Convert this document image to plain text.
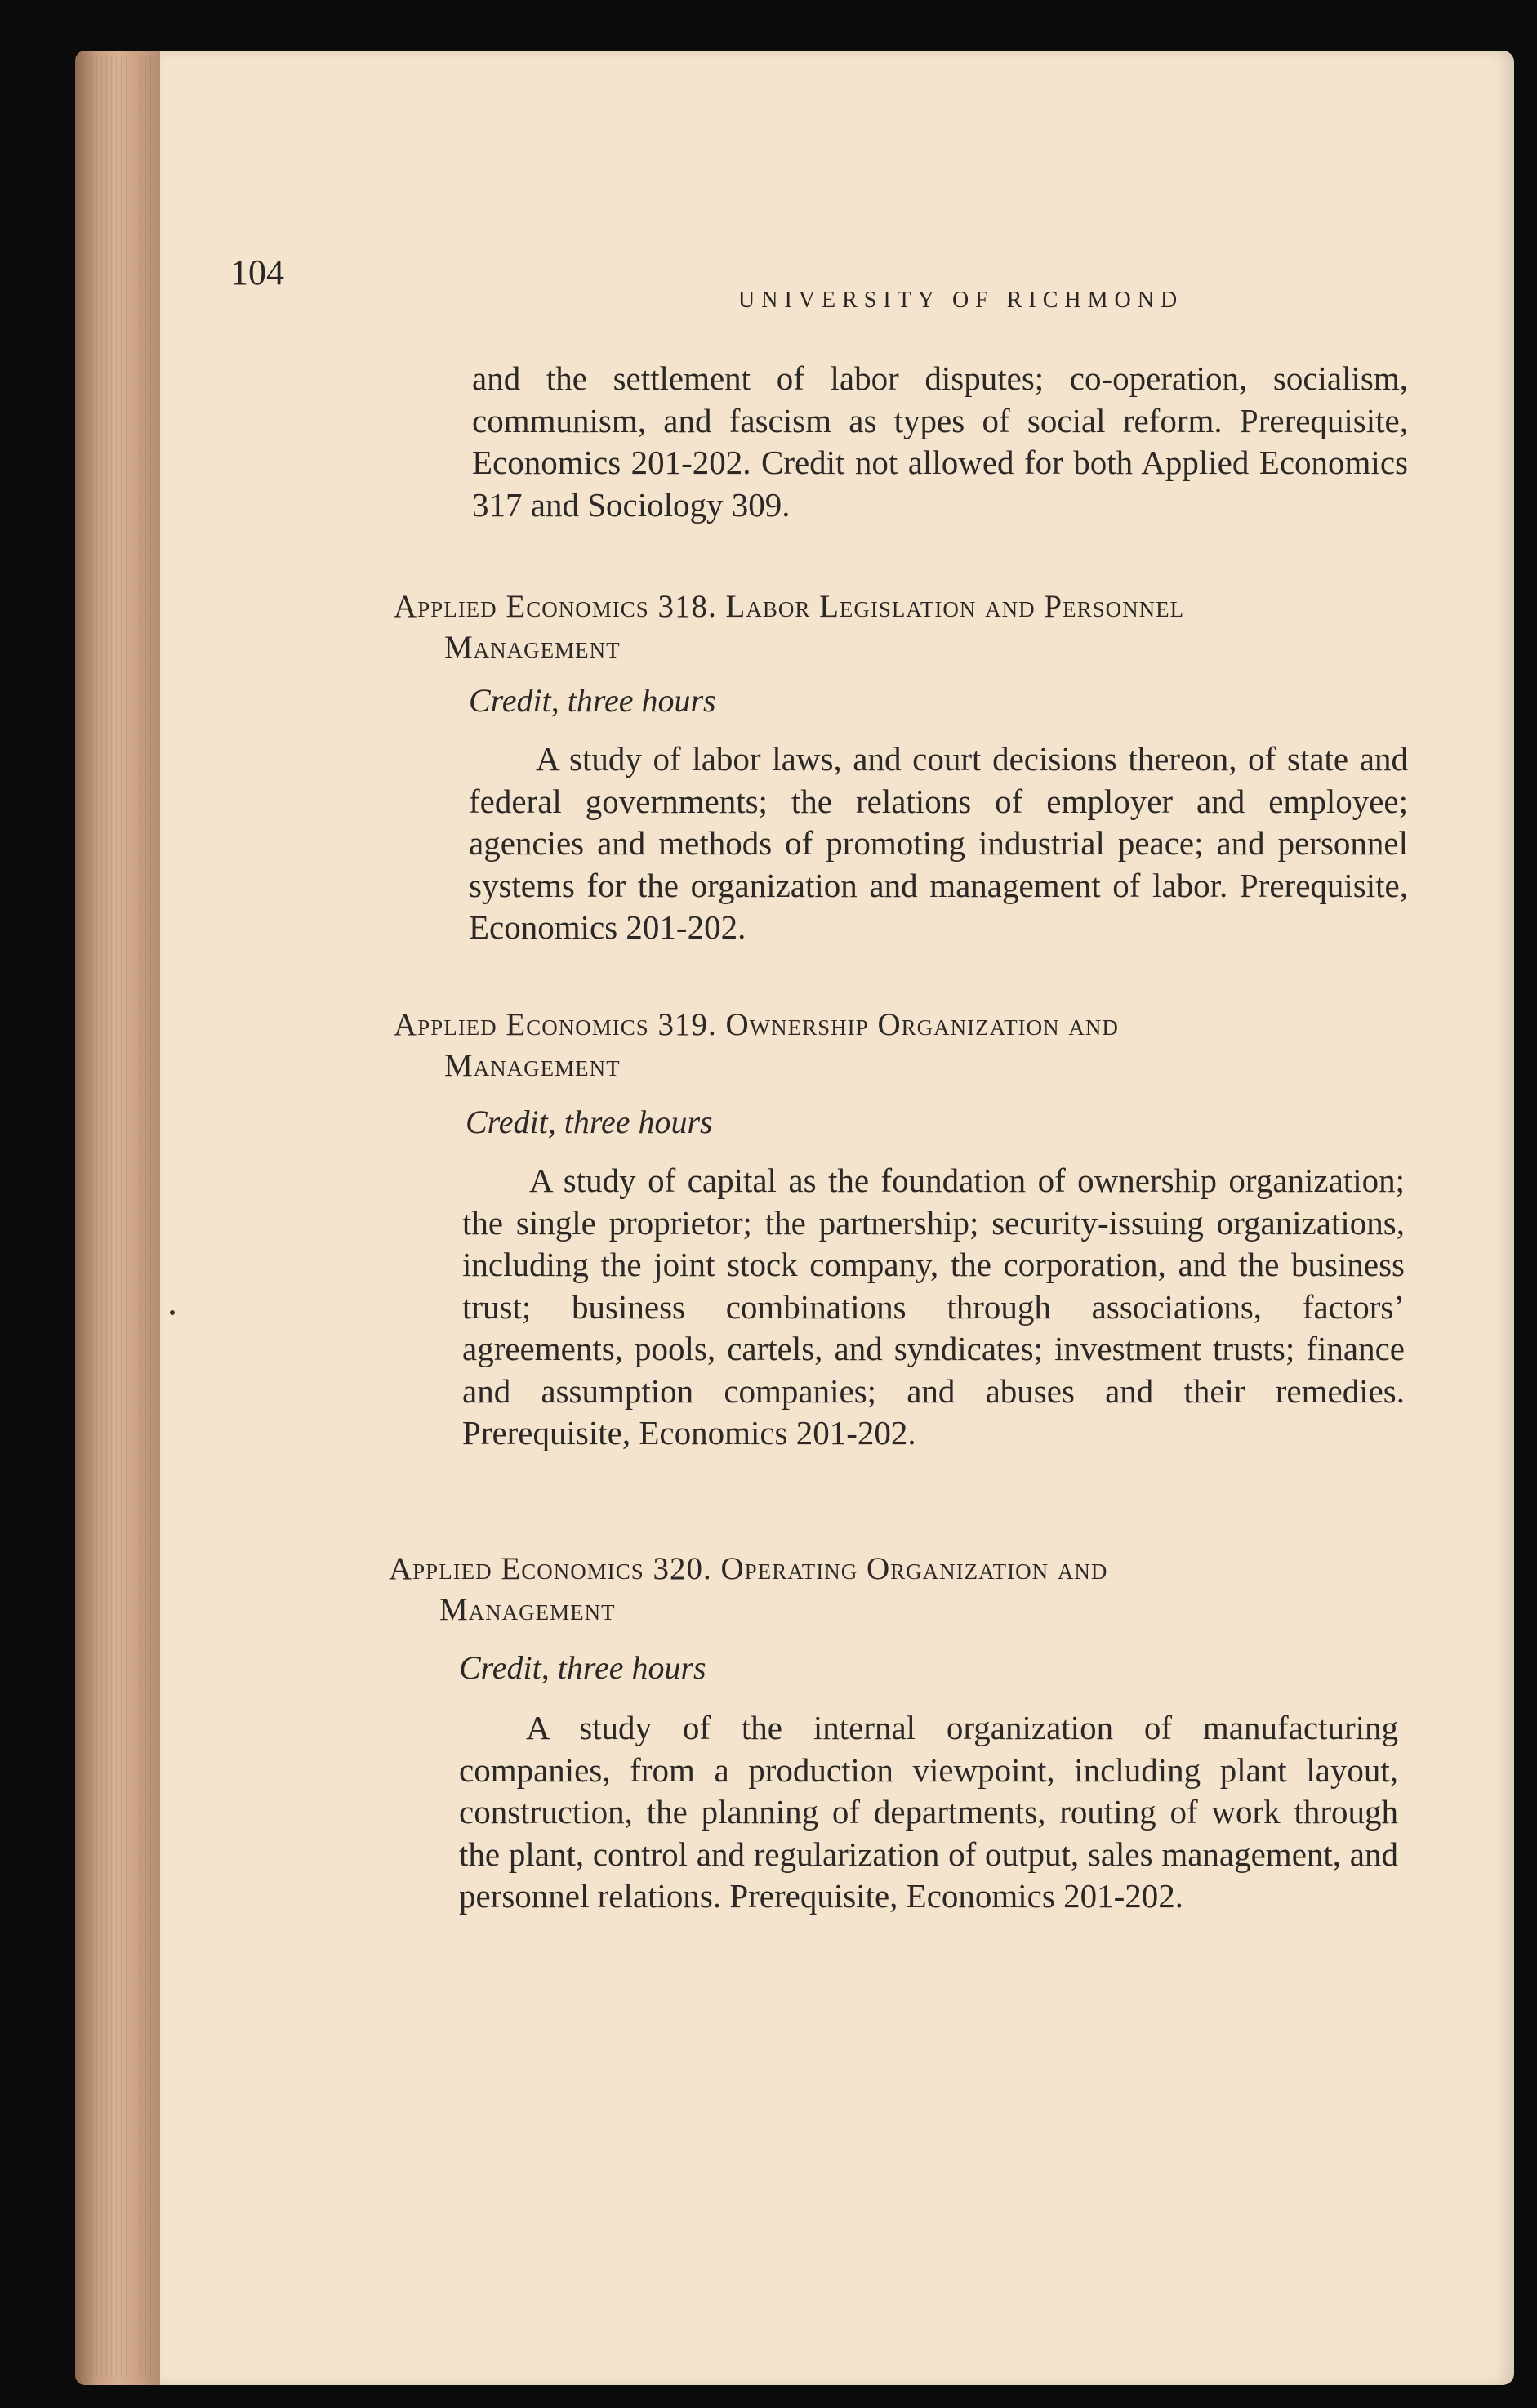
104
UNIVERSITY OF RICHMOND

and the settlement of labor disputes; co-operation, socialism, communism, and fascism as types of social reform. Prerequisite, Economics 201-202. Credit not allowed for both Applied Economics 317 and Sociology 309.

Applied Economics 318. Labor Legislation and Personnel
Management

Credit, three hours

A study of labor laws, and court decisions thereon, of state and federal governments; the relations of employer and employee; agencies and methods of promoting industrial peace; and personnel systems for the organization and management of labor. Prerequisite, Economics 201-202.

Applied Economics 319. Ownership Organization and
Management

Credit, three hours

A study of capital as the foundation of ownership organization; the single proprietor; the partnership; security-issuing organizations, including the joint stock company, the corporation, and the business trust; business combinations through associations, factors’ agreements, pools, cartels, and syndicates; investment trusts; finance and assumption companies; and abuses and their remedies. Prerequisite, Economics 201-202.

Applied Economics 320. Operating Organization and
Management

Credit, three hours

A study of the internal organization of manufacturing companies, from a production viewpoint, including plant layout, construction, the planning of departments, routing of work through the plant, control and regularization of output, sales management, and personnel relations. Prerequisite, Economics 201-202.
